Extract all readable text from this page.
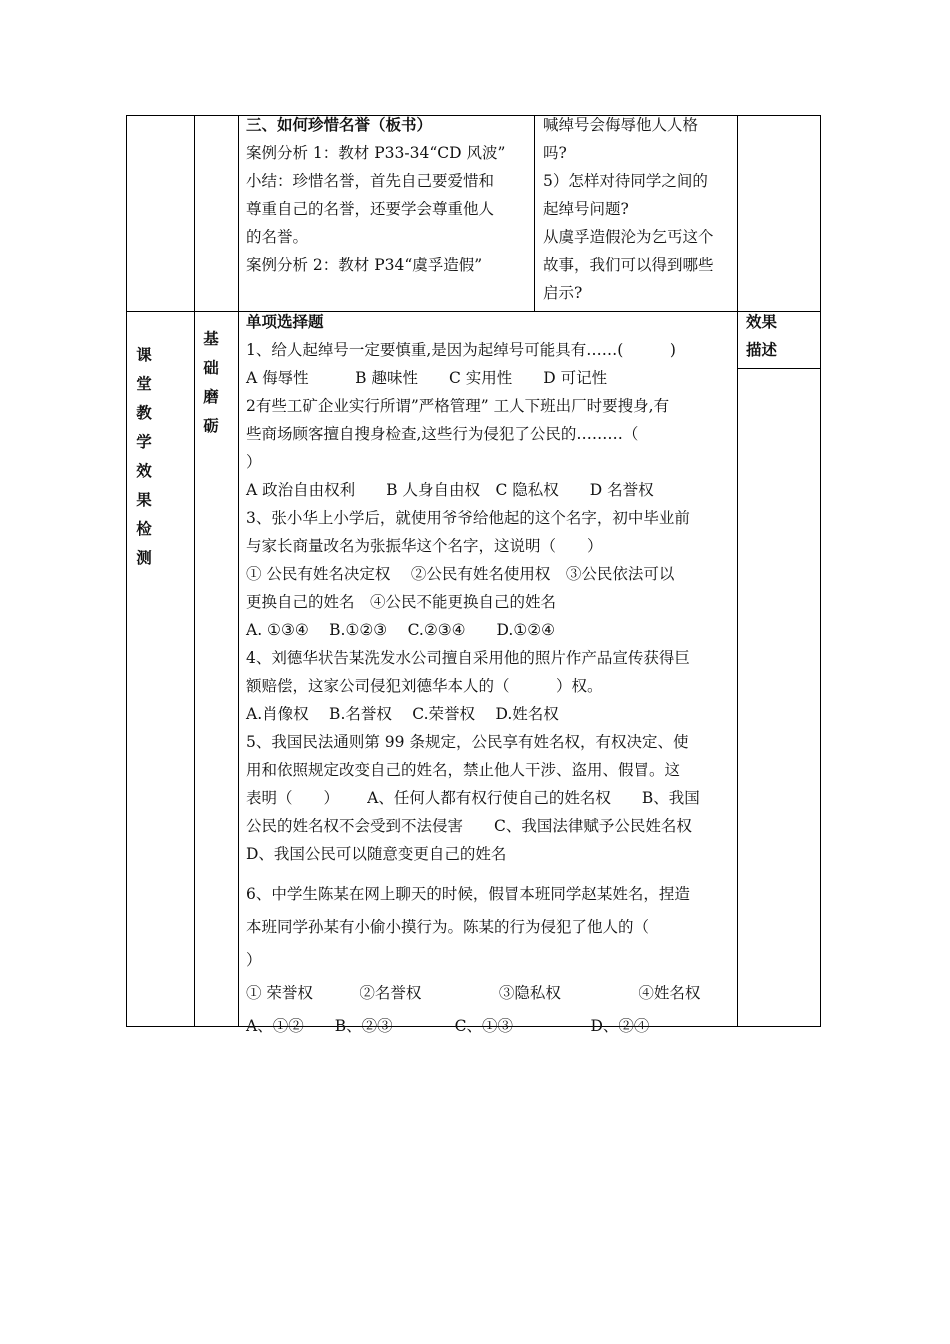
三、如何珍惜名誉（板书）

案例分析 1：教材 P33-34“CD 风波”

小结：珍惜名誉，首先自己要爱惜和

尊重自己的名誉，还要学会尊重他人

的名誉。

案例分析 2：教材 P34“虞孚造假”

喊绰号会侮辱他人人格

吗?

5）怎样对待同学之间的

起绰号问题?

从虞孚造假沦为乞丐这个

故事，我们可以得到哪些

启示?

课
堂
教
学
效
果
检
测
基
础
磨
砺

单项选择题

1、给人起绰号一定要慎重,是因为起绰号可能具有……(　　　)

A 侮辱性　　　B 趣味性　　C 实用性　　D 可记性

2有些工矿企业实行所谓”严格管理” 工人下班出厂时要搜身,有

些商场顾客擅自搜身检查,这些行为侵犯了公民的………（

）

A 政治自由权利　　B 人身自由权　C 隐私权　　D 名誉权

3、张小华上小学后，就使用爷爷给他起的这个名字，初中毕业前

与家长商量改名为张振华这个名字，这说明（　　）

① 公民有姓名决定权　 ②公民有姓名使用权　③公民依法可以

更换自己的姓名　④公民不能更换自己的姓名

A. ①③④　 B.①②③　 C.②③④　　D.①②④

4、刘德华状告某洗发水公司擅自采用他的照片作产品宣传获得巨

额赔偿，这家公司侵犯刘德华本人的（　　　）权。

A.肖像权　 B.名誉权　 C.荣誉权　 D.姓名权

5、我国民法通则第 99 条规定，公民享有姓名权，有权决定、使

用和依照规定改变自己的姓名，禁止他人干涉、盗用、假冒。这

表明（　　）　　 A、任何人都有权行使自己的姓名权　　B、我国

公民的姓名权不会受到不法侵害　　C、我国法律赋予公民姓名权

D、我国公民可以随意变更自己的姓名

6、中学生陈某在网上聊天的时候，假冒本班同学赵某姓名，捏造

本班同学孙某有小偷小摸行为。陈某的行为侵犯了他人的（

）

① 荣誉权　　　②名誉权　　　　　③隐私权　　　　　④姓名权

A、①②　　B、②③　　　　C、①③　　　　　D、②④

效果

描述
